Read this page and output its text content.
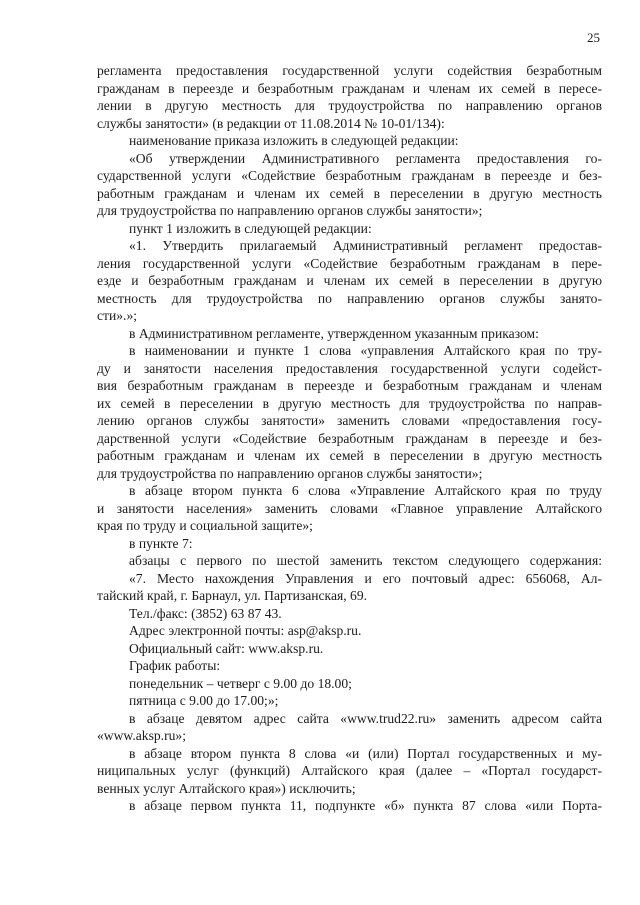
25

регламента предоставления государственной услуги содействия безработным

гражданам в переезде и безработным гражданам и членам их семей в пересе-

лении в другую местность для трудоустройства по направлению органов

службы занятости» (в редакции от 11.08.2014 № 10-01/134):

наименование приказа изложить в следующей редакции:

«Об утверждении Административного регламента предоставления го-

сударственной услуги «Содействие безработным гражданам в переезде и без-

работным гражданам и членам их семей в переселении в другую местность

для трудоустройства по направлению органов службы занятости»;

пункт 1 изложить в следующей редакции:

«1. Утвердить прилагаемый Административный регламент предостав-

ления государственной услуги «Содействие безработным гражданам в пере-

езде и безработным гражданам и членам их семей в переселении в другую

местность для трудоустройства по направлению органов службы занято-

сти».»;

в Административном регламенте, утвержденном указанным приказом:

в наименовании и пункте 1 слова «управления Алтайского края по тру-

ду и занятости населения предоставления государственной услуги содейст-

вия безработным гражданам в переезде и безработным гражданам и членам

их семей в переселении в другую местность для трудоустройства по направ-

лению органов службы занятости» заменить словами «предоставления госу-

дарственной услуги «Содействие безработным гражданам в переезде и без-

работным гражданам и членам их семей в переселении в другую местность

для трудоустройства по направлению органов службы занятости»;

в абзаце втором пункта 6 слова «Управление Алтайского края по труду

и занятости населения» заменить словами «Главное управление Алтайского

края по труду и социальной защите»;

в пункте 7:

абзацы с первого по шестой заменить текстом следующего содержания:

«7. Место нахождения Управления и его почтовый адрес: 656068, Ал-

тайский край, г. Барнаул, ул. Партизанская, 69.

Тел./факс: (3852) 63 87 43.

Адрес электронной почты: asp@aksp.ru.

Официальный сайт: www.aksp.ru.

График работы:

понедельник – четверг с 9.00 до 18.00;

пятница с 9.00 до 17.00;»;

в абзаце девятом адрес сайта «www.trud22.ru» заменить адресом сайта

«www.aksp.ru»;

в абзаце втором пункта 8 слова «и (или) Портал государственных и му-

ниципальных услуг (функций) Алтайского края (далее – «Портал государст-

венных услуг Алтайского края») исключить;

в абзаце первом пункта 11, подпункте «б» пункта 87 слова «или Порта-
